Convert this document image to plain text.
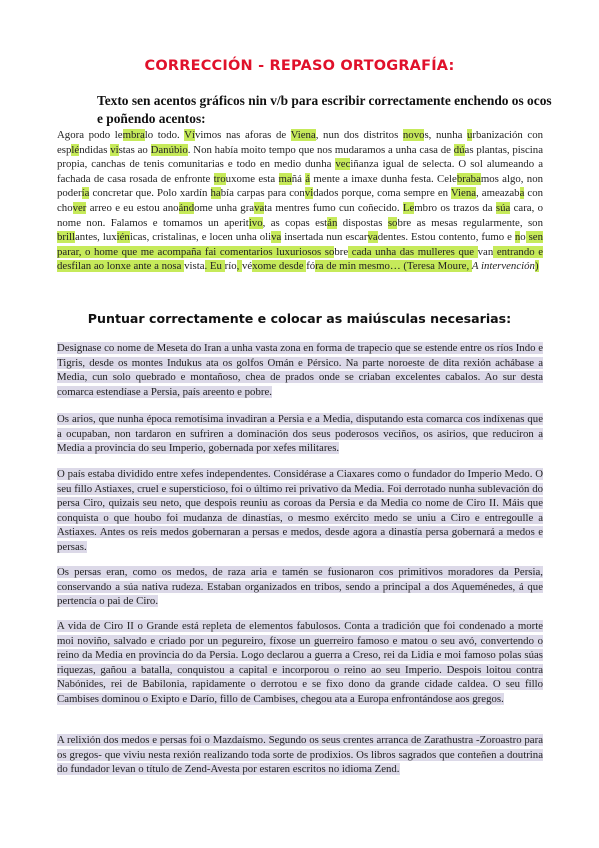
CORRECCIÓN - REPASO ORTOGRAFÍA:
Texto sen acentos gráficos nin v/b para escribir correctamente enchendo os ocos e poñendo acentos:
Agora podo lembralo todo. Vívimos nas aforas de Viena, nun dos distritos novos, nunha urbanización con espléndidas vistas ao Danúbio. Non había moito tempo que nos mudaramos a unha casa de dúas plantas, piscina propia, canchas de tenis comunitarias e todo en medio dunha veciñanza igual de selecta. O sol alumeando a fachada de casa rosada de enfronte trouxome esta mañá á mente a imaxe dunha festa. Celebrabamos algo, non podería concretar que. Polo xardín había carpas para convidados porque, coma sempre en Viena, ameazaba con chover arreo e eu estou anoándome unha gravata mentres fumo cun coñecido. Lembro os trazos da súa cara, o nome non. Falamos e tomamos un aperitivo, as copas están dispostas sobre as mesas regularmente, son brillantes, luxiénicas, cristalinas, e locen unha oliva insertada nun escarvadentes. Estou contento, fumo e no sen parar, o home que me acompaña fai comentarios luxuriosos sobre cada unha das mulleres que van entrando e desfilan ao lonxe ante a nosa vista. Eu río, véxome desde fóra de min mesmo… (Teresa Moure, A intervención)
Puntuar correctamente e colocar as maiúsculas necesarias:
Designase co nome de Meseta do Iran a unha vasta zona en forma de trapecio que se estende entre os ríos Indo e Tigris, desde os montes Indukus ata os golfos Omán e Pérsico. Na parte noroeste de dita rexión achábase a Media, cun solo quebrado e montañoso, chea de prados onde se criaban excelentes cabalos. Ao sur desta comarca estendíase a Persia, país areento e pobre.
Os arios, que nunha época remotísima invadiran a Persia e a Media, disputando esta comarca cos indíxenas que a ocupaban, non tardaron en sufriren a dominación dos seus poderosos veciños, os asirios, que reduciron a Media a provincia do seu Imperio, gobernada por xefes militares.
O país estaba dividido entre xefes independentes. Considérase a Ciaxares como o fundador do Imperio Medo. O seu fillo Astiaxes, cruel e supersticioso, foi o último rei privativo da Media. Foi derrotado nunha sublevación do persa Ciro, quizais seu neto, que despois reuniu as coroas da Persia e da Media co nome de Ciro II. Máis que conquista o que houbo foi mudanza de dinastías, o mesmo exército medo se uniu a Ciro e entregoulle a Astiaxes. Antes os reis medos gobernaran a persas e medos, desde agora a dinastía persa gobernará a medos e persas.
Os persas eran, como os medos, de raza aria e tamén se fusionaron cos primitivos moradores da Persia, conservando a súa nativa rudeza. Estaban organizados en tribos, sendo a principal a dos Aqueménedes, á que pertencía o pai de Ciro.
A vida de Ciro II o Grande está repleta de elementos fabulosos. Conta a tradición que foi condenado a morte moi noviño, salvado e criado por un pegureiro, fíxose un guerreiro famoso e matou o seu avó, convertendo o reino da Media en provincia do da Persia. Logo declarou a guerra a Creso, rei da Lidia e moi famoso polas súas riquezas, gañou a batalla, conquistou a capital e incorporou o reino ao seu Imperio. Despois loitou contra Nabónides, rei de Babilonia, rapidamente o derrotou e se fixo dono da grande cidade caldea. O seu fillo Cambises dominou o Exipto e Darío, fillo de Cambises, chegou ata a Europa enfrontándose aos gregos.
A relixión dos medos e persas foi o Mazdaísmo. Segundo os seus crentes arranca de Zarathustra -Zoroastro para os gregos- que viviu nesta rexión realizando toda sorte de prodixios. Os libros sagrados que conteñen a doutrina do fundador levan o título de Zend-Avesta por estaren escritos no idioma Zend.
